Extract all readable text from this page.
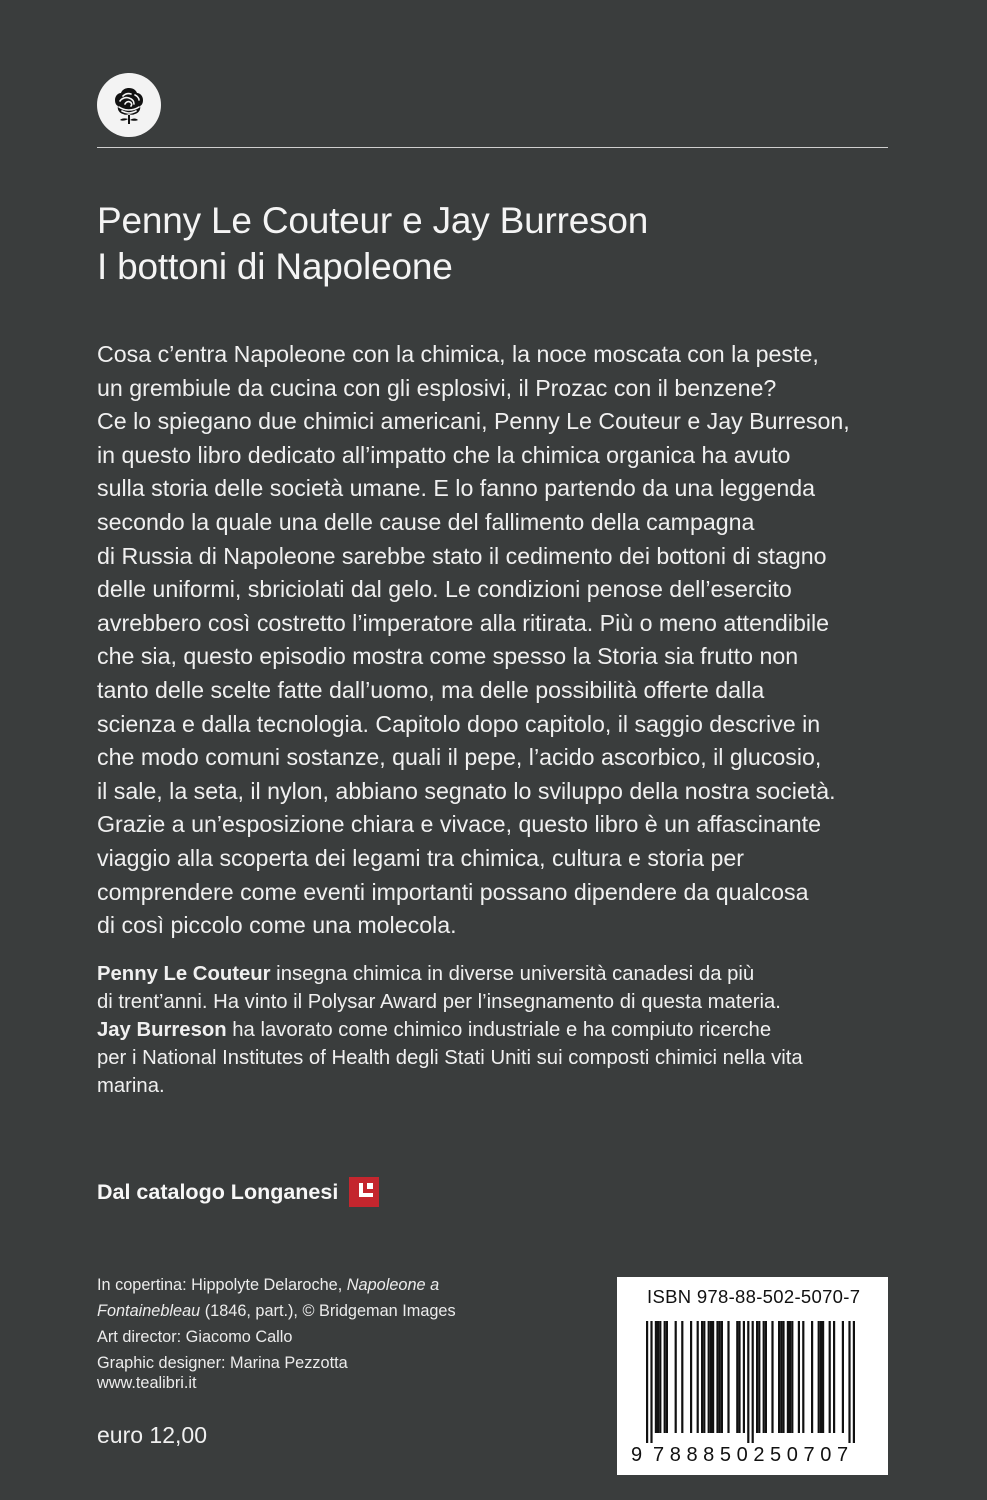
Penny Le Couteur e Jay Burreson
I bottoni di Napoleone
Cosa c’entra Napoleone con la chimica, la noce moscata con la peste,
un grembiule da cucina con gli esplosivi, il Prozac con il benzene?
Ce lo spiegano due chimici americani, Penny Le Couteur e Jay Burreson,
in questo libro dedicato all’impatto che la chimica organica ha avuto
sulla storia delle società umane. E lo fanno partendo da una leggenda
secondo la quale una delle cause del fallimento della campagna
di Russia di Napoleone sarebbe stato il cedimento dei bottoni di stagno
delle uniformi, sbriciolati dal gelo. Le condizioni penose dell’esercito
avrebbero così costretto l’imperatore alla ritirata. Più o meno attendibile
che sia, questo episodio mostra come spesso la Storia sia frutto non
tanto delle scelte fatte dall’uomo, ma delle possibilità offerte dalla
scienza e dalla tecnologia. Capitolo dopo capitolo, il saggio descrive in
che modo comuni sostanze, quali il pepe, l’acido ascorbico, il glucosio,
il sale, la seta, il nylon, abbiano segnato lo sviluppo della nostra società.
Grazie a un’esposizione chiara e vivace, questo libro è un affascinante
viaggio alla scoperta dei legami tra chimica, cultura e storia per
comprendere come eventi importanti possano dipendere da qualcosa
di così piccolo come una molecola.
Penny Le Couteur insegna chimica in diverse università canadesi da più
di trent’anni. Ha vinto il Polysar Award per l’insegnamento di questa materia.
Jay Burreson ha lavorato come chimico industriale e ha compiuto ricerche
per i National Institutes of Health degli Stati Uniti sui composti chimici nella vita
marina.
Dal catalogo Longanesi
In copertina: Hippolyte Delaroche, Napoleone a
Fontainebleau (1846, part.), © Bridgeman Images
Art director: Giacomo Callo
Graphic designer: Marina Pezzotta
www.tealibri.it
euro 12,00
ISBN 978-88-502-5070-7
9 788850250707
